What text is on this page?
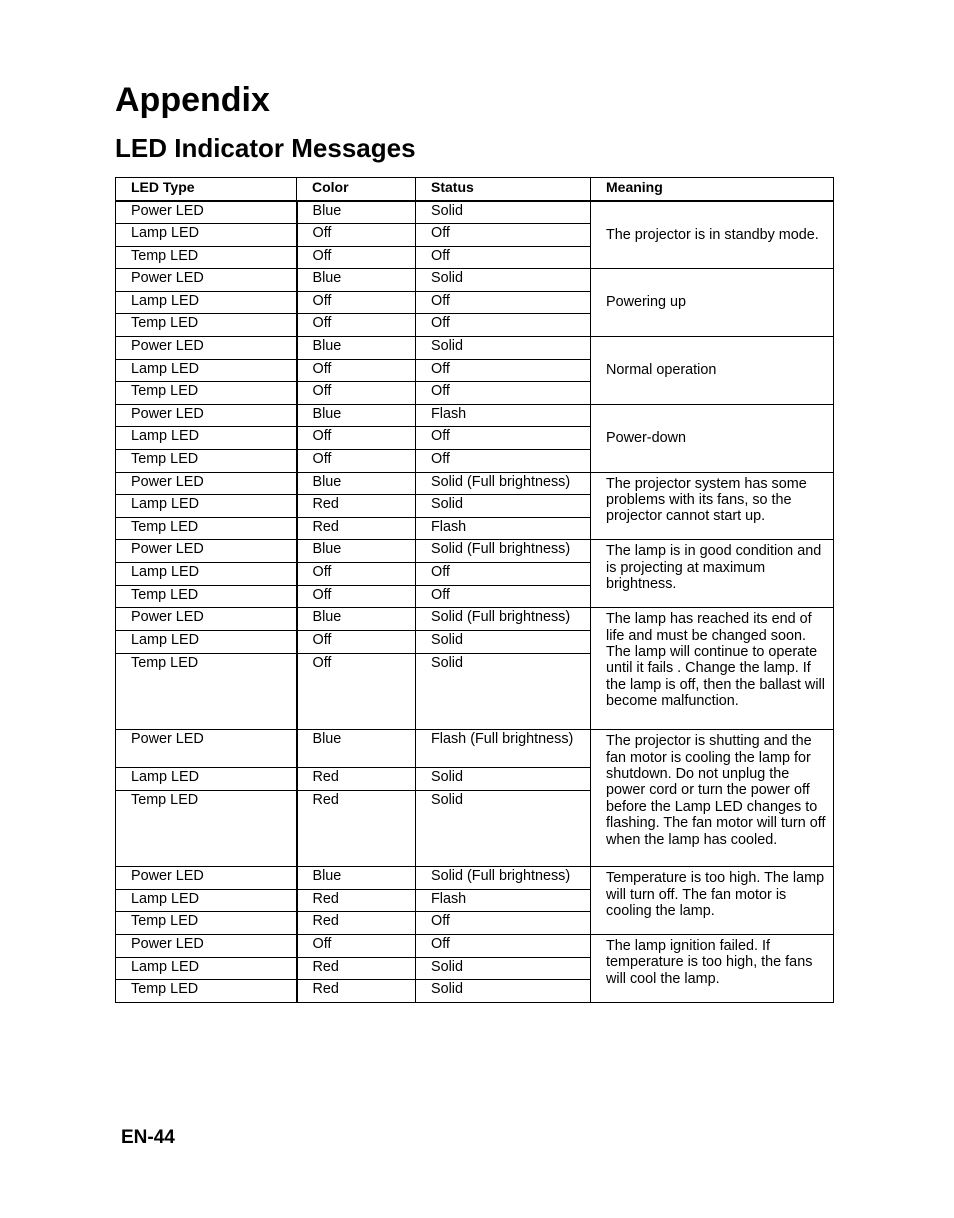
Appendix
LED Indicator Messages
LED Type	Color	Status	Meaning
Power LED	Blue	Solid	The projector is in standby mode.
Lamp LED	Off	Off	
Temp LED	Off	Off	
Power LED	Blue	Solid	Powering up
Lamp LED	Off	Off	
Temp LED	Off	Off	
Power LED	Blue	Solid	Normal operation
Lamp LED	Off	Off	
Temp LED	Off	Off	
Power LED	Blue	Flash	Power-down
Lamp LED	Off	Off	
Temp LED	Off	Off	
Power LED	Blue	Solid (Full brightness)	The projector system has some problems with its fans, so the projector cannot start up.
Lamp LED	Red	Solid	
Temp LED	Red	Flash	
Power LED	Blue	Solid (Full brightness)	The lamp is in good condition and is projecting at maximum brightness.
Lamp LED	Off	Off	
Temp LED	Off	Off	
Power LED	Blue	Solid (Full brightness)	The lamp has reached its end of life and must be changed soon. The lamp will continue to operate until it fails . Change the lamp. If the lamp is off, then the ballast will become malfunction.
Lamp LED	Off	Solid	
Temp LED	Off	Solid	
Power LED	Blue	Flash (Full brightness)	The projector is shutting and the fan motor is cooling the lamp for shutdown. Do not unplug the power cord or turn the power off before the Lamp LED changes to flashing. The fan motor will turn off when the lamp has cooled.
Lamp LED	Red	Solid	
Temp LED	Red	Solid	
Power LED	Blue	Solid (Full brightness)	Temperature is too high. The lamp will turn off. The fan motor is cooling the lamp.
Lamp LED	Red	Flash	
Temp LED	Red	Off	
Power LED	Off	Off	The lamp ignition failed. If temperature is too high, the fans will cool the lamp.
Lamp LED	Red	Solid	
Temp LED	Red	Solid	
EN-44
